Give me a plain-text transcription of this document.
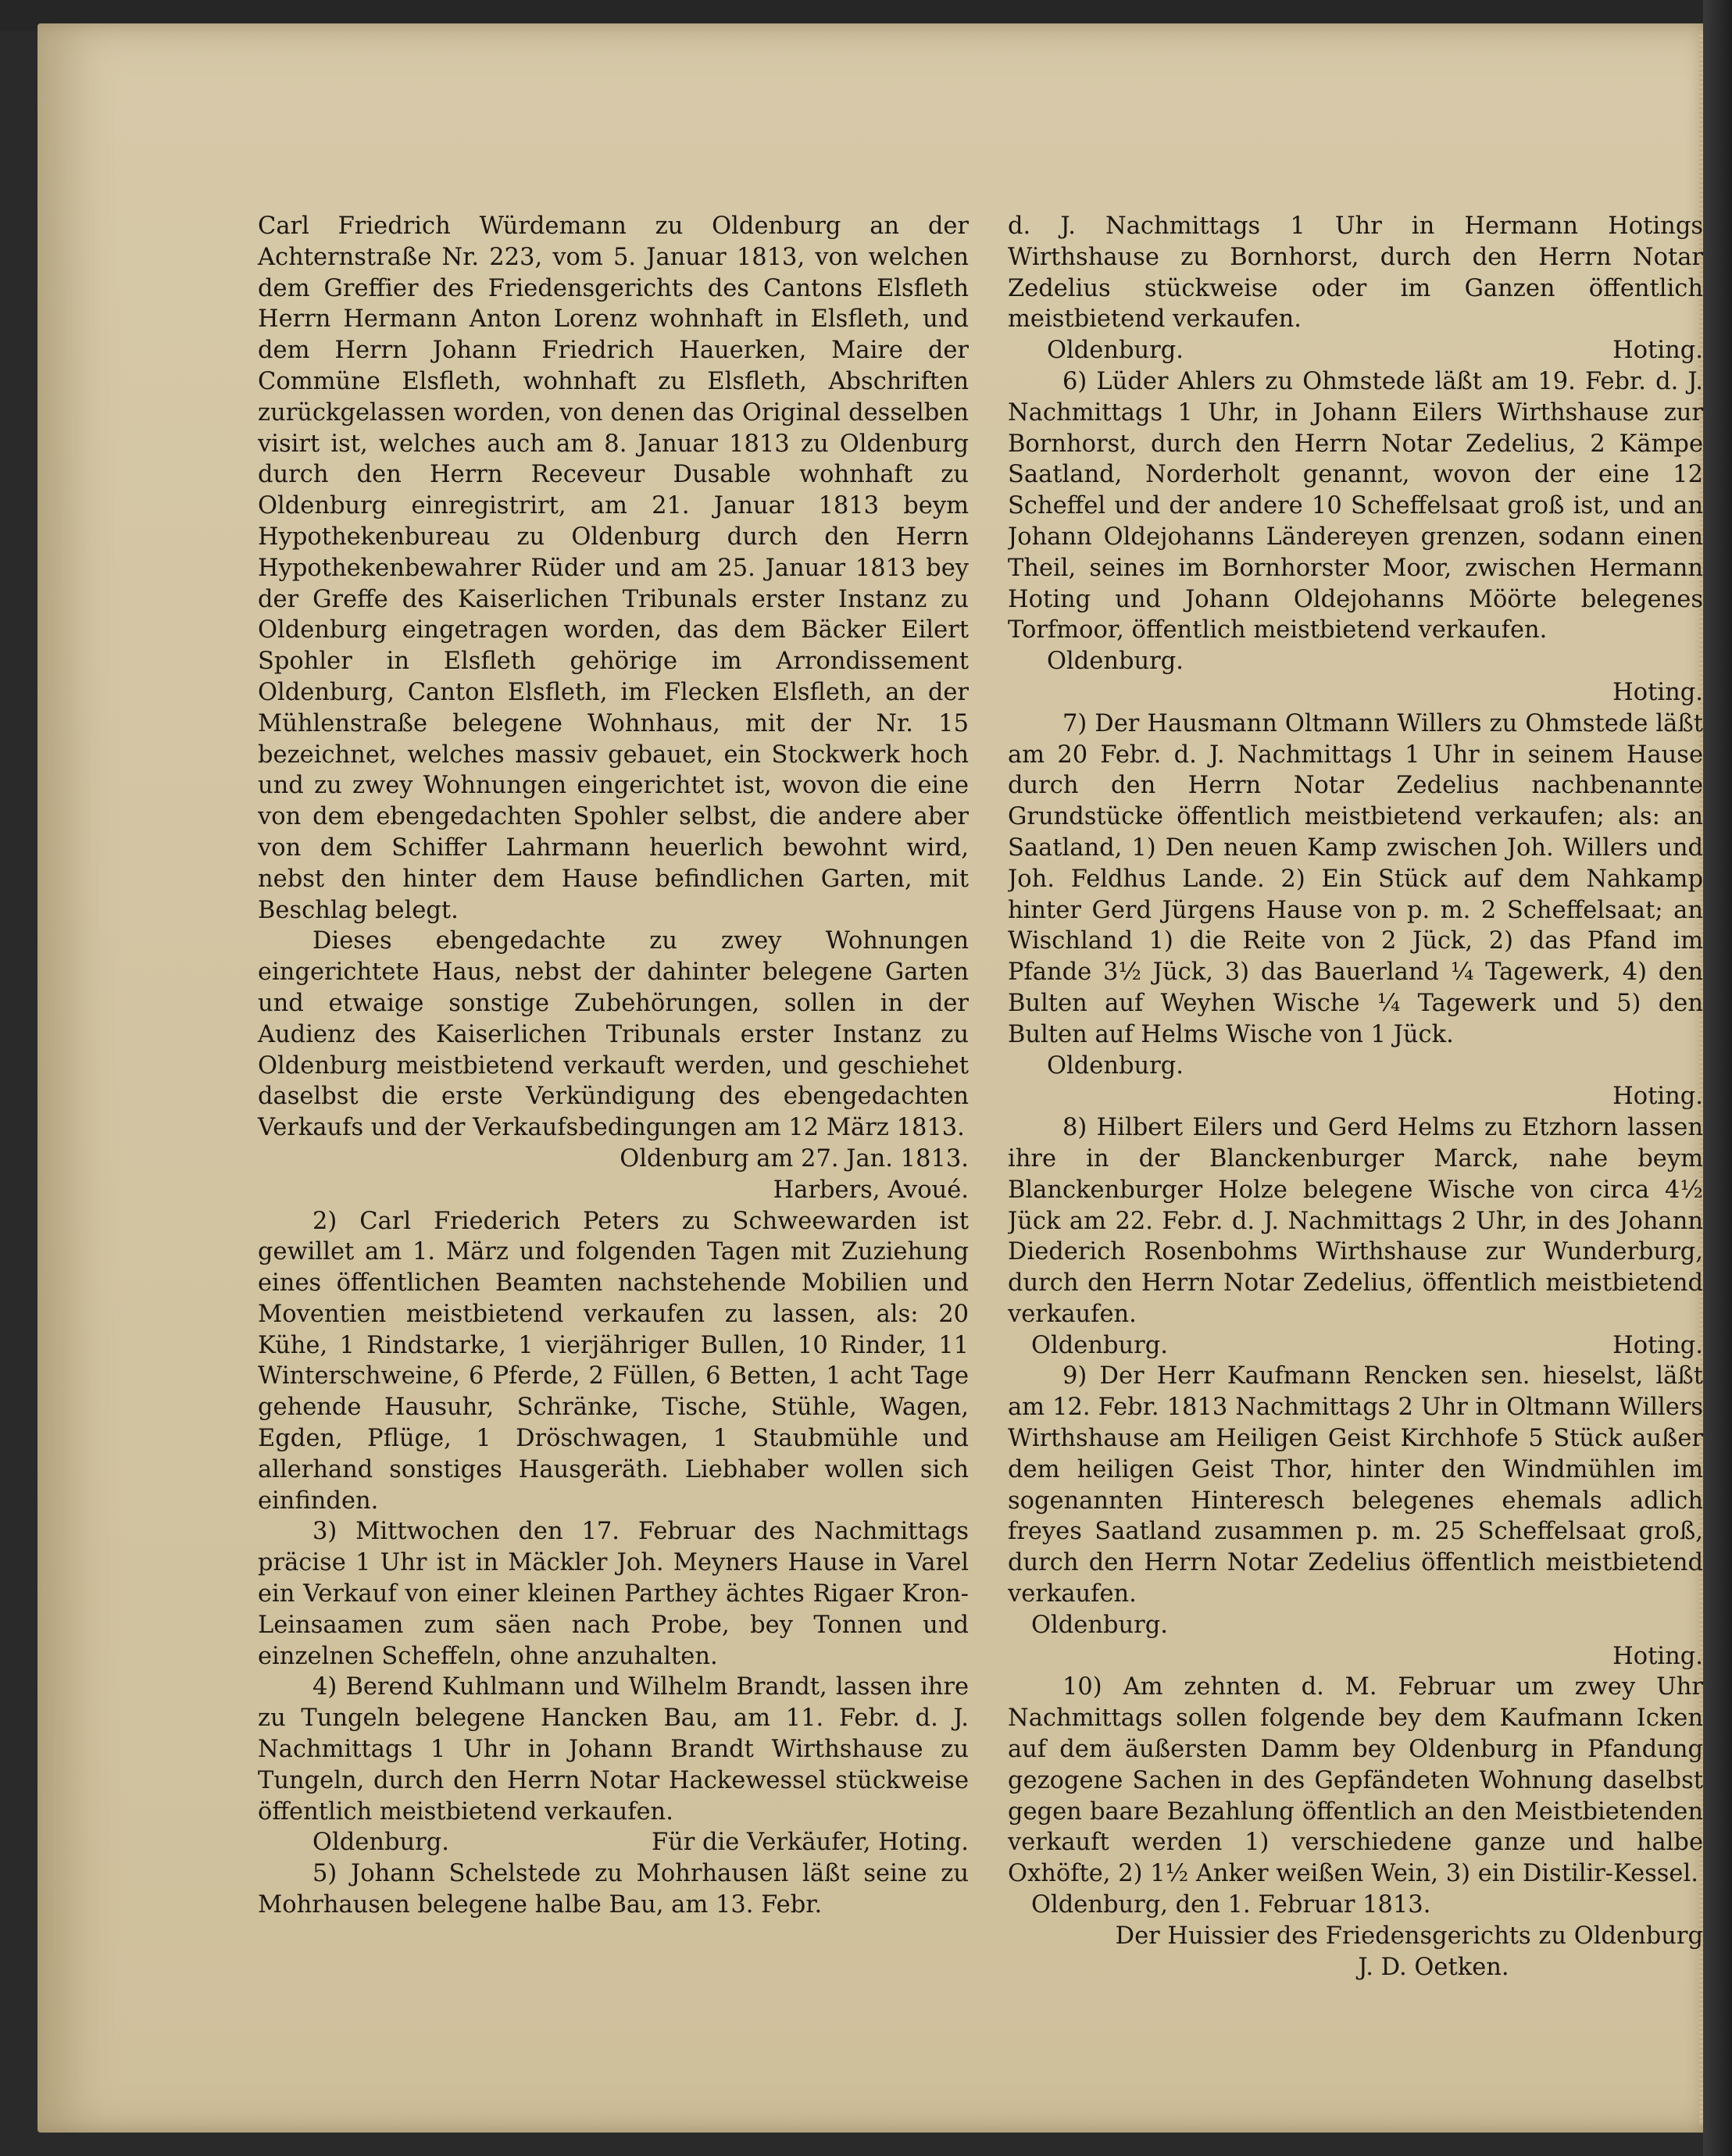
Carl Friedrich Würdemann zu Oldenburg an der Achternstraße Nr. 223, vom 5. Januar 1813, von welchen dem Greffier des Friedensgerichts des Cantons Elsfleth Herrn Hermann Anton Lorenz wohnhaft in Elsfleth, und dem Herrn Johann Friedrich Hauerken, Maire der Commüne Elsfleth, wohnhaft zu Elsfleth, Abschriften zurückgelassen worden, von denen das Original desselben visirt ist, welches auch am 8. Januar 1813 zu Oldenburg durch den Herrn Receveur Dusable wohnhaft zu Oldenburg einregistrirt, am 21. Januar 1813 beym Hypothekenbureau zu Oldenburg durch den Herrn Hypothekenbewahrer Rüder und am 25. Januar 1813 bey der Greffe des Kaiserlichen Tribunals erster Instanz zu Oldenburg eingetragen worden, das dem Bäcker Eilert Spohler in Elsfleth gehörige im Arrondissement Oldenburg, Canton Elsfleth, im Flecken Elsfleth, an der Mühlenstraße belegene Wohnhaus, mit der Nr. 15 bezeichnet, welches massiv gebauet, ein Stockwerk hoch und zu zwey Wohnungen eingerichtet ist, wovon die eine von dem ebengedachten Spohler selbst, die andere aber von dem Schiffer Lahrmann heuerlich bewohnt wird, nebst den hinter dem Hause befindlichen Garten, mit Beschlag belegt.

Dieses ebengedachte zu zwey Wohnungen eingerichtete Haus, nebst der dahinter belegene Garten und etwaige sonstige Zubehörungen, sollen in der Audienz des Kaiserlichen Tribunals erster Instanz zu Oldenburg meistbietend verkauft werden, und geschiehet daselbst die erste Verkündigung des ebengedachten Verkaufs und der Verkaufsbedingungen am 12 März 1813.

Oldenburg am 27. Jan. 1813.

Harbers, Avoué.

2) Carl Friederich Peters zu Schweewarden ist gewillet am 1. März und folgenden Tagen mit Zuziehung eines öffentlichen Beamten nachstehende Mobilien und Moventien meistbietend verkaufen zu lassen, als: 20 Kühe, 1 Rindstarke, 1 vierjähriger Bullen, 10 Rinder, 11 Winterschweine, 6 Pferde, 2 Füllen, 6 Betten, 1 acht Tage gehende Hausuhr, Schränke, Tische, Stühle, Wagen, Egden, Pflüge, 1 Dröschwagen, 1 Staubmühle und allerhand sonstiges Hausgeräth. Liebhaber wollen sich einfinden.

3) Mittwochen den 17. Februar des Nachmittags präcise 1 Uhr ist in Mäckler Joh. Meyners Hause in Varel ein Verkauf von einer kleinen Parthey ächtes Rigaer Kron-Leinsaamen zum säen nach Probe, bey Tonnen und einzelnen Scheffeln, ohne anzuhalten.

4) Berend Kuhlmann und Wilhelm Brandt, lassen ihre zu Tungeln belegene Hancken Bau, am 11. Febr. d. J. Nachmittags 1 Uhr in Johann Brandt Wirthshause zu Tungeln, durch den Herrn Notar Hackewessel stückweise öffentlich meistbietend verkaufen.

Oldenburg.	Für die Verkäufer, Hoting.

5) Johann Schelstede zu Mohrhausen läßt seine zu Mohrhausen belegene halbe Bau, am 13. Febr.

d. J. Nachmittags 1 Uhr in Hermann Hotings Wirthshause zu Bornhorst, durch den Herrn Notar Zedelius stückweise oder im Ganzen öffentlich meistbietend verkaufen.

Oldenburg.	Hoting.

6) Lüder Ahlers zu Ohmstede läßt am 19. Febr. d. J. Nachmittags 1 Uhr, in Johann Eilers Wirthshause zur Bornhorst, durch den Herrn Notar Zedelius, 2 Kämpe Saatland, Norderholt genannt, wovon der eine 12 Scheffel und der andere 10 Scheffelsaat groß ist, und an Johann Oldejohanns Ländereyen grenzen, sodann einen Theil, seines im Bornhorster Moor, zwischen Hermann Hoting und Johann Oldejohanns Möörte belegenes Torfmoor, öffentlich meistbietend verkaufen.

Oldenburg.

Hoting.

7) Der Hausmann Oltmann Willers zu Ohmstede läßt am 20 Febr. d. J. Nachmittags 1 Uhr in seinem Hause durch den Herrn Notar Zedelius nachbenannte Grundstücke öffentlich meistbietend verkaufen; als: an Saatland, 1) Den neuen Kamp zwischen Joh. Willers und Joh. Feldhus Lande. 2) Ein Stück auf dem Nahkamp hinter Gerd Jürgens Hause von p. m. 2 Scheffelsaat; an Wischland 1) die Reite von 2 Jück, 2) das Pfand im Pfande 3½ Jück, 3) das Bauerland ¼ Tagewerk, 4) den Bulten auf Weyhen Wische ¼ Tagewerk und 5) den Bulten auf Helms Wische von 1 Jück.

Oldenburg.

Hoting.

8) Hilbert Eilers und Gerd Helms zu Etzhorn lassen ihre in der Blanckenburger Marck, nahe beym Blanckenburger Holze belegene Wische von circa 4½ Jück am 22. Febr. d. J. Nachmittags 2 Uhr, in des Johann Diederich Rosenbohms Wirthshause zur Wunderburg, durch den Herrn Notar Zedelius, öffentlich meistbietend verkaufen.

Oldenburg.	Hoting.

9) Der Herr Kaufmann Rencken sen. hieselst, läßt am 12. Febr. 1813 Nachmittags 2 Uhr in Oltmann Willers Wirthshause am Heiligen Geist Kirchhofe 5 Stück außer dem heiligen Geist Thor, hinter den Windmühlen im sogenannten Hinteresch belegenes ehemals adlich freyes Saatland zusammen p. m. 25 Scheffelsaat groß, durch den Herrn Notar Zedelius öffentlich meistbietend verkaufen.

Oldenburg.

Hoting.

10) Am zehnten d. M. Februar um zwey Uhr Nachmittags sollen folgende bey dem Kaufmann Icken auf dem äußersten Damm bey Oldenburg in Pfandung gezogene Sachen in des Gepfändeten Wohnung daselbst gegen baare Bezahlung öffentlich an den Meistbietenden verkauft werden 1) verschiedene ganze und halbe Oxhöfte, 2) 1½ Anker weißen Wein, 3) ein Distilir-Kessel.

Oldenburg, den 1. Februar 1813.

Der Huissier des Friedensgerichts zu Oldenburg

J. D. Oetken.
